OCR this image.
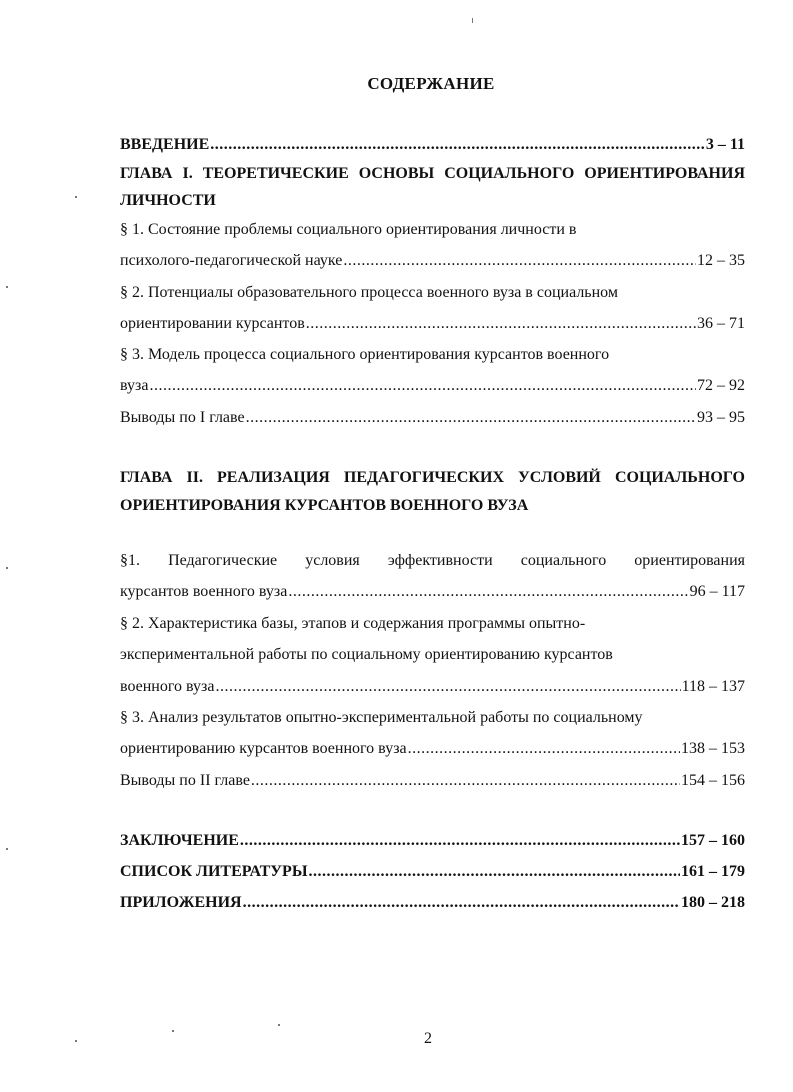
СОДЕРЖАНИЕ
ВВЕДЕНИЕ .....	3 – 11
ГЛАВА I. ТЕОРЕТИЧЕСКИЕ ОСНОВЫ СОЦИАЛЬНОГО ОРИЕНТИРОВАНИЯ
ЛИЧНОСТИ
§ 1. Состояние проблемы социального ориентирования личности в
психолого-педагогической науке .....	12 – 35
§ 2. Потенциалы образовательного процесса военного вуза в социальном
ориентировании курсантов .....	36 – 71
§ 3. Модель процесса социального ориентирования курсантов военного
вуза .....	72 – 92
Выводы по I главе .....	93 – 95
ГЛАВА II. РЕАЛИЗАЦИЯ ПЕДАГОГИЧЕСКИХ УСЛОВИЙ СОЦИАЛЬНОГО
ОРИЕНТИРОВАНИЯ КУРСАНТОВ ВОЕННОГО ВУЗА
§1. Педагогические условия эффективности социального ориентирования
курсантов военного вуза .....	96 – 117
§ 2. Характеристика базы, этапов и содержания программы опытно-
экспериментальной работы по социальному ориентированию курсантов
военного вуза .....	118 – 137
§ 3. Анализ результатов опытно-экспериментальной работы по социальному
ориентированию курсантов военного вуза .....	138 – 153
Выводы по II главе .....	154 – 156
ЗАКЛЮЧЕНИЕ .....	157 – 160
СПИСОК ЛИТЕРАТУРЫ .....	161 – 179
ПРИЛОЖЕНИЯ .....	180 – 218
2
